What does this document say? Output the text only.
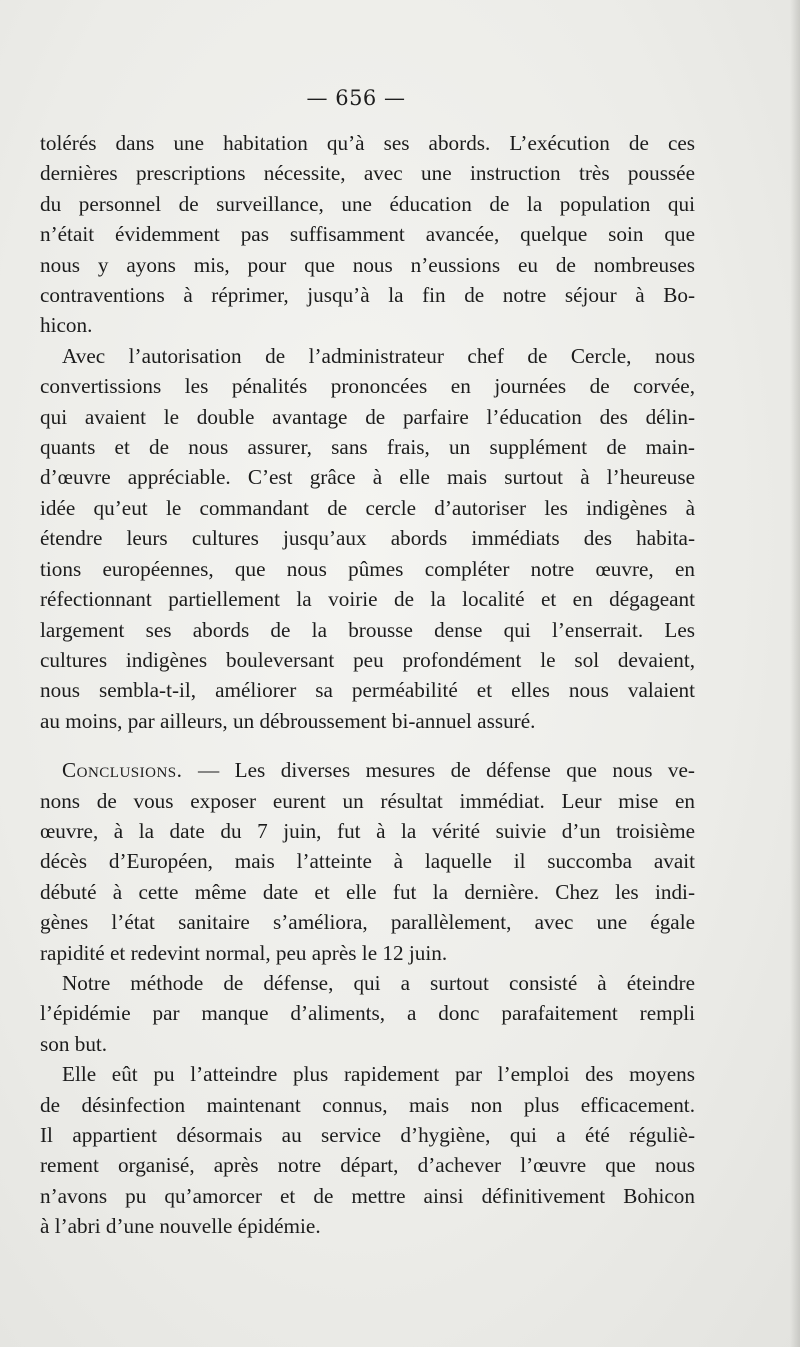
— 656 —
tolérés dans une habitation qu’à ses abords. L’exécution de ces
dernières prescriptions nécessite, avec une instruction très poussée
du personnel de surveillance, une éducation de la population qui
n’était évidemment pas suffisamment avancée, quelque soin que
nous y ayons mis, pour que nous n’eussions eu de nombreuses
contraventions à réprimer, jusqu’à la fin de notre séjour à Bo-
hicon.
Avec l’autorisation de l’administrateur chef de Cercle, nous
convertissions les pénalités prononcées en journées de corvée,
qui avaient le double avantage de parfaire l’éducation des délin-
quants et de nous assurer, sans frais, un supplément de main-
d’œuvre appréciable. C’est grâce à elle mais surtout à l’heureuse
idée qu’eut le commandant de cercle d’autoriser les indigènes à
étendre leurs cultures jusqu’aux abords immédiats des habita-
tions européennes, que nous pûmes compléter notre œuvre, en
réfectionnant partiellement la voirie de la localité et en dégageant
largement ses abords de la brousse dense qui l’enserrait. Les
cultures indigènes bouleversant peu profondément le sol devaient,
nous sembla-t-il, améliorer sa perméabilité et elles nous valaient
au moins, par ailleurs, un débroussement bi-annuel assuré.
Conclusions. — Les diverses mesures de défense que nous ve-
nons de vous exposer eurent un résultat immédiat. Leur mise en
œuvre, à la date du 7 juin, fut à la vérité suivie d’un troisième
décès d’Européen, mais l’atteinte à laquelle il succomba avait
débuté à cette même date et elle fut la dernière. Chez les indi-
gènes l’état sanitaire s’améliora, parallèlement, avec une égale
rapidité et redevint normal, peu après le 12 juin.
Notre méthode de défense, qui a surtout consisté à éteindre
l’épidémie par manque d’aliments, a donc parafaitement rempli
son but.
Elle eût pu l’atteindre plus rapidement par l’emploi des moyens
de désinfection maintenant connus, mais non plus efficacement.
Il appartient désormais au service d’hygiène, qui a été réguliè-
rement organisé, après notre départ, d’achever l’œuvre que nous
n’avons pu qu’amorcer et de mettre ainsi définitivement Bohicon
à l’abri d’une nouvelle épidémie.
